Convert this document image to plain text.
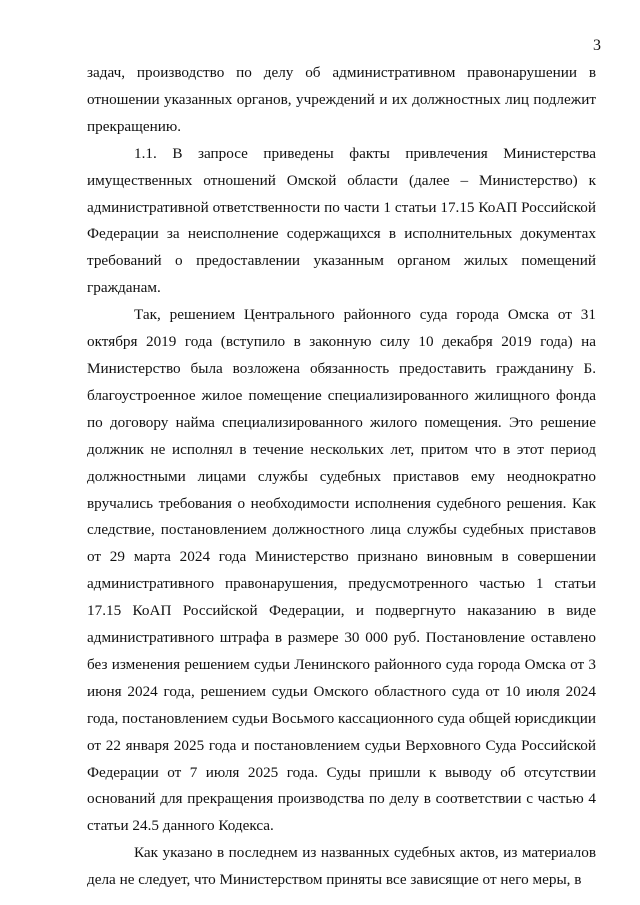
3

задач, производство по делу об административном правонарушении в отношении указанных органов, учреждений и их должностных лиц подлежит прекращению.

1.1. В запросе приведены факты привлечения Министерства имущественных отношений Омской области (далее – Министерство) к административной ответственности по части 1 статьи 17.15 КоАП Российской Федерации за неисполнение содержащихся в исполнительных документах требований о предоставлении указанным органом жилых помещений гражданам.

Так, решением Центрального районного суда города Омска от 31 октября 2019 года (вступило в законную силу 10 декабря 2019 года) на Министерство была возложена обязанность предоставить гражданину Б. благоустроенное жилое помещение специализированного жилищного фонда по договору найма специализированного жилого помещения. Это решение должник не исполнял в течение нескольких лет, притом что в этот период должностными лицами службы судебных приставов ему неоднократно вручались требования о необходимости исполнения судебного решения. Как следствие, постановлением должностного лица службы судебных приставов от 29 марта 2024 года Министерство признано виновным в совершении административного правонарушения, предусмотренного частью 1 статьи 17.15 КоАП Российской Федерации, и подвергнуто наказанию в виде административного штрафа в размере 30 000 руб. Постановление оставлено без изменения решением судьи Ленинского районного суда города Омска от 3 июня 2024 года, решением судьи Омского областного суда от 10 июля 2024 года, постановлением судьи Восьмого кассационного суда общей юрисдикции от 22 января 2025 года и постановлением судьи Верховного Суда Российской Федерации от 7 июля 2025 года. Суды пришли к выводу об отсутствии оснований для прекращения производства по делу в соответствии с частью 4 статьи 24.5 данного Кодекса.

Как указано в последнем из названных судебных актов, из материалов дела не следует, что Министерством приняты все зависящие от него меры, в
